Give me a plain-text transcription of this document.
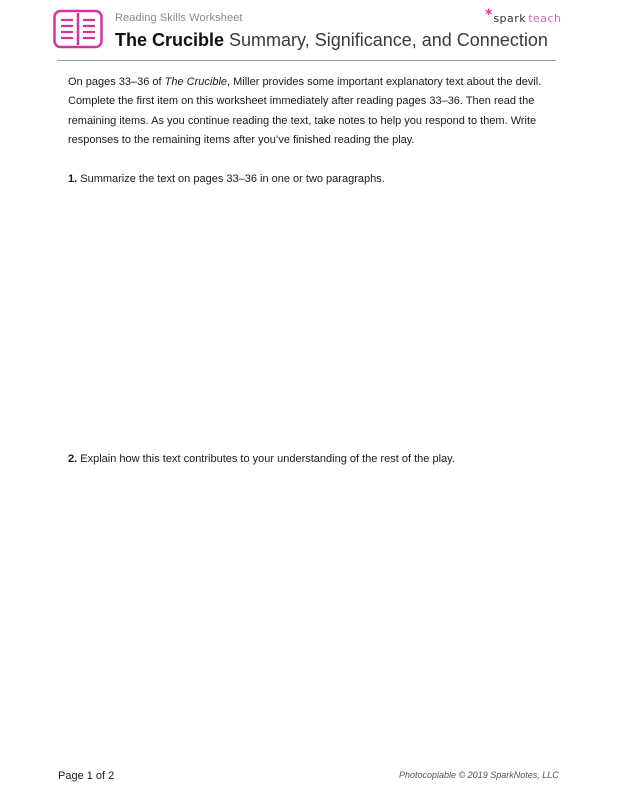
Reading Skills Worksheet
The Crucible Summary, Significance, and Connection
*spark teach

On pages 33–36 of The Crucible, Miller provides some important explanatory text about the devil. Complete the first item on this worksheet immediately after reading pages 33–36. Then read the remaining items. As you continue reading the text, take notes to help you respond to them. Write responses to the remaining items after you’ve finished reading the play.

1. Summarize the text on pages 33–36 in one or two paragraphs.

2. Explain how this text contributes to your understanding of the rest of the play.

Page 1 of 2	Photocopiable © 2019 SparkNotes, LLC
